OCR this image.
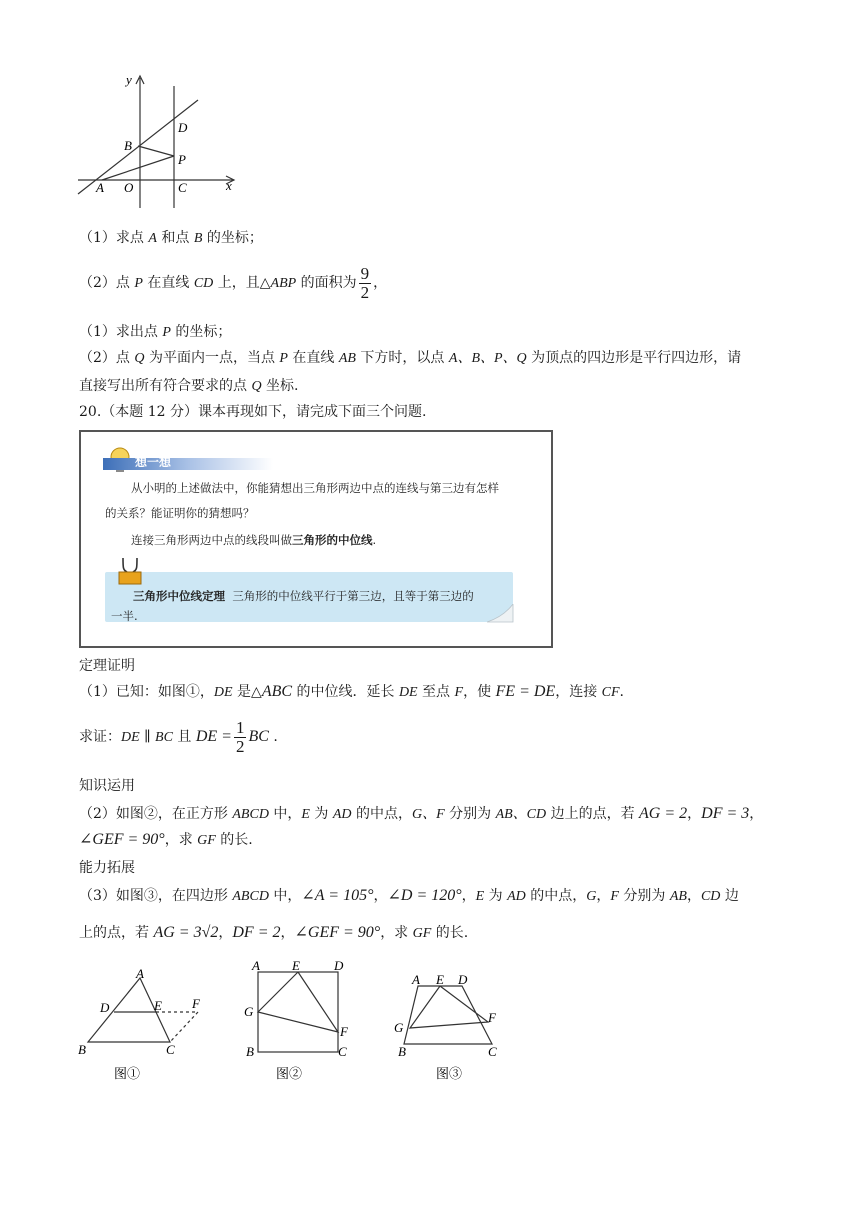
y
x
B
D
P
A O	C
（1）求点 A 和点 B 的坐标；
（2）点 P 在直线 CD 上，且△ABP 的面积为 $\frac{9}{2}$ ，
（1）求出点 P 的坐标；
（2）点 Q 为平面内一点，当点 P 在直线 AB 下方时，以点 A、B、P、Q 为顶点的四边形是平行四边形，请
直接写出所有符合要求的点 Q 坐标.
20.（本题 12 分）课本再现如下，请完成下面三个问题.
想一想
从小明的上述做法中，你能猜想出三角形两边中点的连线与第三边有怎样
的关系？能证明你的猜想吗？
连接三角形两边中点的线段叫做三角形的中位线.
三角形中位线定理 三角形的中位线平行于第三边，且等于第三边的
一半.
定理证明
（1）已知：如图①，DE 是△ABC 的中位线．延长 DE 至点 F，使 FE = DE，连接 CF.
求证：DE ∥ BC 且 DE = $\frac{1}{2}$ BC .
知识运用
（2）如图②，在正方形 ABCD 中，E 为 AD 的中点，G、F 分别为 AB、CD 边上的点，若 AG = 2，DF = 3，
∠GEF = 90°，求 GF 的长.
能力拓展
（3）如图③，在四边形 ABCD 中，∠A = 105°，∠D = 120°，E 为 AD 的中点，G，F 分别为 AB，CD 边
上的点，若 AG = 3√2，DF = 2，∠GEF = 90°，求 GF 的长.
A
D	E F
B	C
图①
A E	D
G
F
B	C
图②
A E D
G
F
B	C
图③
